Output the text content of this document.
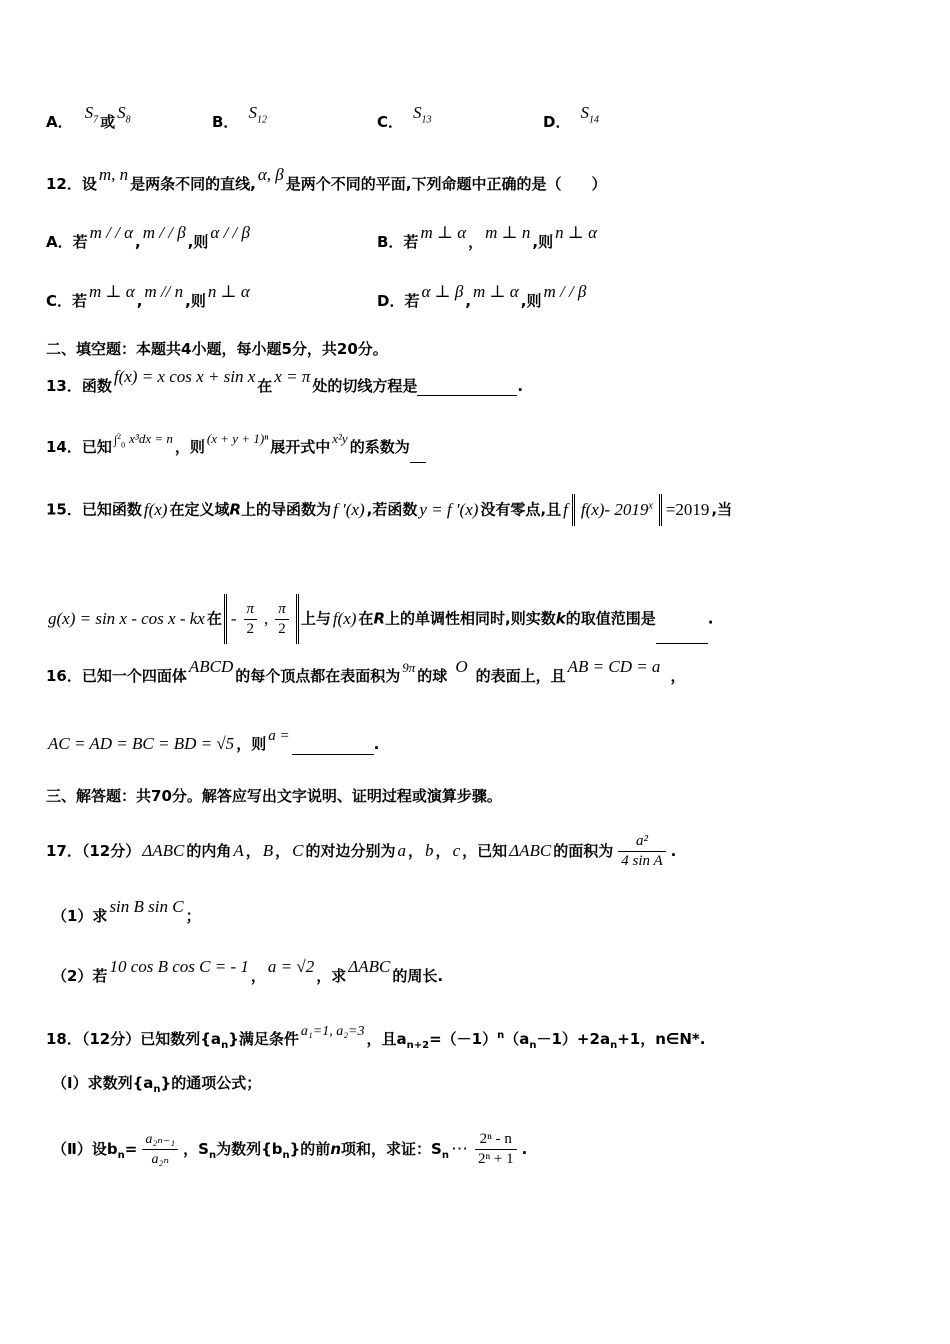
A． $S_7$ 或 $S_8$	B． $S_{12}$	C． $S_{13}$	D． $S_{14}$
12．设 m, n 是两条不同的直线, α, β 是两个不同的平面,下列命题中正确的是（　　）
A．若 m / / α , m / / β ,则 α / / β	B．若 m ⊥ α ， m ⊥ n ,则 n ⊥ α
C．若 m ⊥ α , m // n ,则 n ⊥ α	D．若 α ⊥ β , m ⊥ α ,则 m / / β
二、填空题：本题共4小题，每小题5分，共20分。
13．函数 f(x) = x cos x + sin x 在 x = π 处的切线方程是	.
14．已知 $^{\int^2_0}$ x³dx = n ，则 (x + y + 1)ⁿ 展开式中 x²y 的系数为
15．已知函数 f(x) 在定义域R上的导函数为 f ′(x) ,若函数 y = f ′(x) 没有零点,且 f f(x)- $2019^x =2019$ ,当
g(x) = sin x - cos x - kx 在 - $\frac{\pi}{2}$ , $\frac{\pi}{2}$ 上与 f(x) 在R上的单调性相同时,则实数k的取值范围是	.
16．已知一个四面体 ABCD 的每个顶点都在表面积为 9π 的球 O 的表面上，且 AB = CD = a ，
AC = AD = BC = BD = √5 ，则 a =	.
三、解答题：共70分。解答应写出文字说明、证明过程或演算步骤。
17．（12分） ΔABC 的内角 A ， B ， C 的对边分别为 a ， b ， c ，已知 ΔABC 的面积为 $\frac{\text{a²}}{\text{4 sin A}}$ .
（1）求 sin B sin C ；
（2）若 10 cos B cos C = - 1 ， a = √2 ，求 ΔABC 的周长.
18．（12分）已知数列$\{a_n\}$满足条件 a₁=1, a₂=3 ，且$a_{n+2}=(-1)^n(a_n-1)+2a_n+1$，n∈N*.
（Ⅰ）求数列$\{a_n\}$的通项公式；
（Ⅱ）设$b_n= \frac{\text{a₂ₙ₋₁}}{\text{a₂ₙ}}$ ，$S_n$为数列$\{b_n\}$的前n项和，求证：$S_n$ ⋯ $\frac{\text{2ⁿ - n}}{\text{2ⁿ + 1}}$ .
